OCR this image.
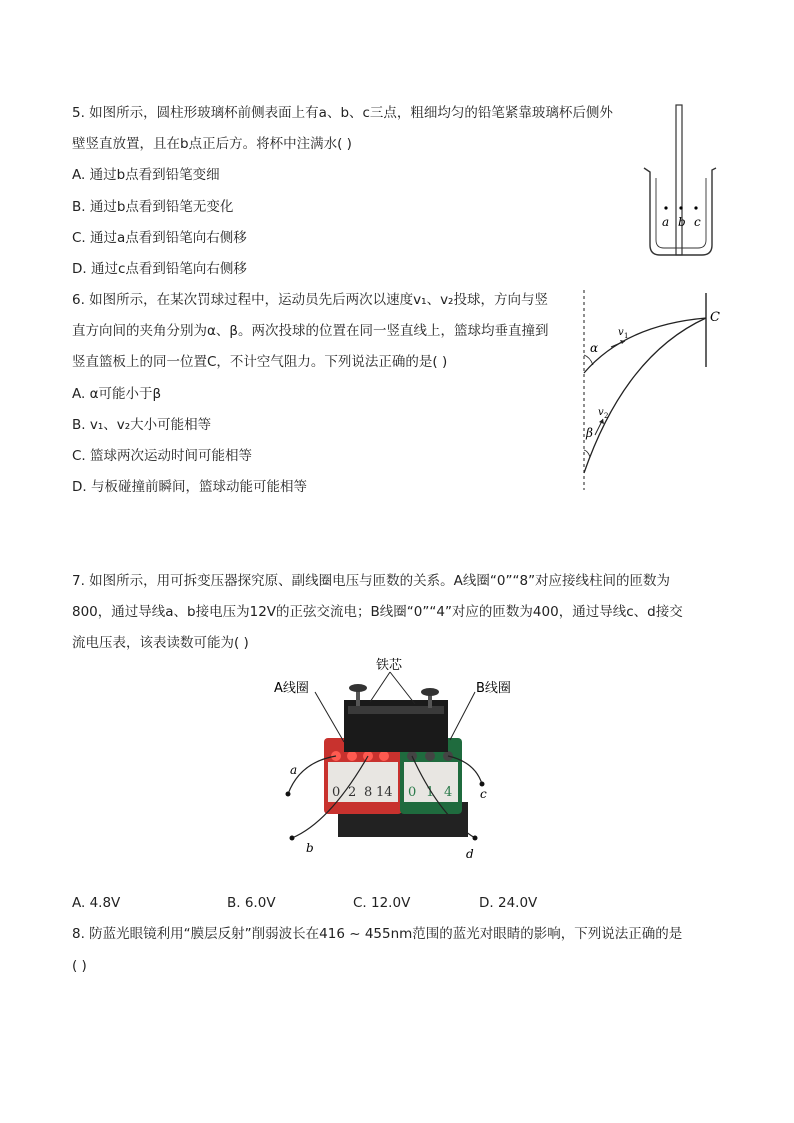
5. 如图所示，圆柱形玻璃杯前侧表面上有a、b、c三点，粗细均匀的铅笔紧靠玻璃杯后侧外
壁竖直放置，且在b点正后方。将杯中注满水( )
A. 通过b点看到铅笔变细
B. 通过b点看到铅笔无变化
C. 通过a点看到铅笔向右侧移
D. 通过c点看到铅笔向右侧移
a b c
6. 如图所示，在某次罚球过程中，运动员先后两次以速度v₁、v₂投球，方向与竖
直方向间的夹角分别为α、β。两次投球的位置在同一竖直线上，篮球均垂直撞到
竖直篮板上的同一位置C，不计空气阻力。下列说法正确的是( )
A. α可能小于β
B. v₁、v₂大小可能相等
C. 篮球两次运动时间可能相等
D. 与板碰撞前瞬间，篮球动能可能相等
α
β
v 1
v 2
C
7. 如图所示，用可拆变压器探究原、副线圈电压与匝数的关系。A线圈“0”“8”对应接线柱间的匝数为
800，通过导线a、b接电压为12V的正弦交流电；B线圈“0”“4”对应的匝数为400，通过导线c、d接交
流电压表，该表读数可能为( )
0 2 8 14 0 1 4
铁芯
A线圈	B线圈
a
b
c
d
A. 4.8V	B. 6.0V	C. 12.0V	D. 24.0V
8. 防蓝光眼镜利用“膜层反射”削弱波长在416 ~ 455nm范围的蓝光对眼睛的影响，下列说法正确的是
( )
